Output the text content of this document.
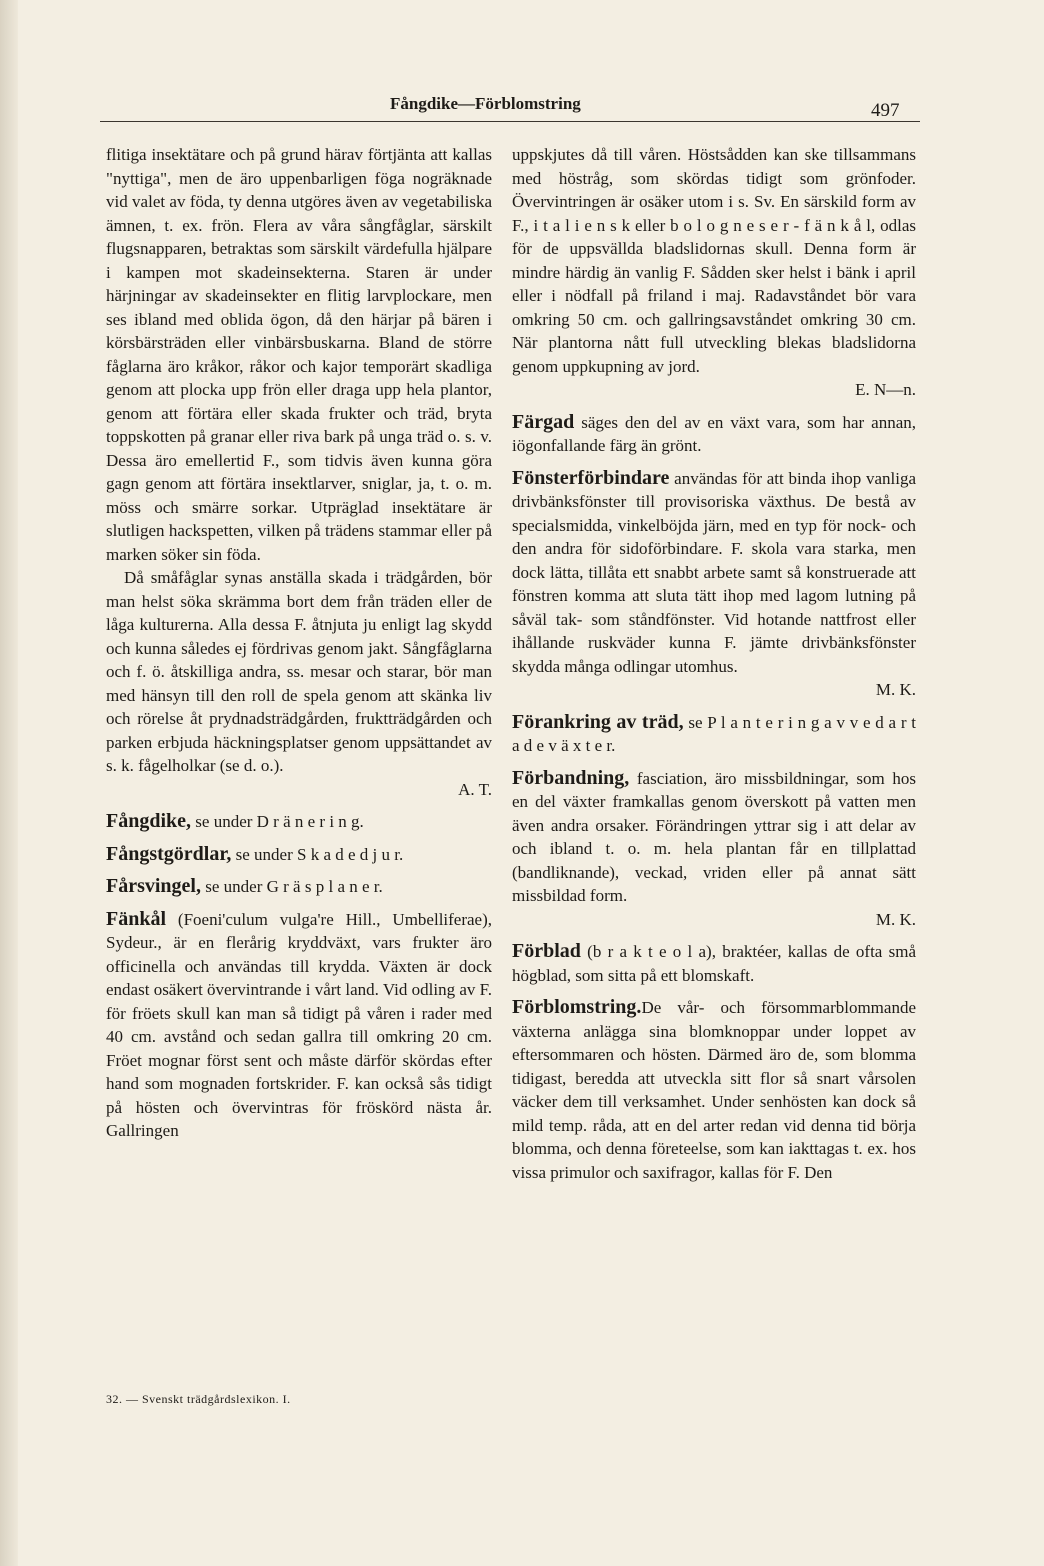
Fångdike—Förblomstring	497

flitiga insektätare och på grund härav förtjänta att kallas "nyttiga", men de äro uppenbarligen föga nogräknade vid valet av föda, ty denna utgöres även av vegetabiliska ämnen, t. ex. frön. Flera av våra sångfåglar, särskilt flugsnapparen, betraktas som särskilt värdefulla hjälpare i kampen mot skadeinsekterna. Staren är under härjningar av skadeinsekter en flitig larvplockare, men ses ibland med oblida ögon, då den härjar på bären i körsbärsträden eller vinbärsbuskarna. Bland de större fåglarna äro kråkor, råkor och kajor temporärt skadliga genom att plocka upp frön eller draga upp hela plantor, genom att förtära eller skada frukter och träd, bryta toppskotten på granar eller riva bark på unga träd o. s. v. Dessa äro emellertid F., som tidvis även kunna göra gagn genom att förtära insektlarver, sniglar, ja, t. o. m. möss och smärre sorkar. Utpräglad insektätare är slutligen hackspetten, vilken på trädens stammar eller på marken söker sin föda.

Då småfåglar synas anställa skada i trädgården, bör man helst söka skrämma bort dem från träden eller de låga kulturerna. Alla dessa F. åtnjuta ju enligt lag skydd och kunna således ej fördrivas genom jakt. Sångfåglarna och f. ö. åtskilliga andra, ss. mesar och starar, bör man med hänsyn till den roll de spela genom att skänka liv och rörelse åt prydnadsträdgården, fruktträdgården och parken erbjuda häckningsplatser genom uppsättandet av s. k. fågelholkar (se d. o.).
A. T.

Fångdike, se under D r ä n e r i n g.

Fångstgördlar, se under S k a d e d j u r.

Fårsvingel, se under G r ä s p l a n e r.

Fänkål (Foeni'culum vulga're Hill., Umbelliferae), Sydeur., är en flerårig kryddväxt, vars frukter äro officinella och användas till krydda. Växten är dock endast osäkert övervintrande i vårt land. Vid odling av F. för fröets skull kan man så tidigt på våren i rader med 40 cm. avstånd och sedan gallra till omkring 20 cm. Fröet mognar först sent och måste därför skördas efter hand som mognaden fortskrider. F. kan också sås tidigt på hösten och övervintras för fröskörd nästa år. Gallringen

uppskjutes då till våren. Höstsådden kan ske tillsammans med höstråg, som skördas tidigt som grönfoder. Övervintringen är osäker utom i s. Sv. En särskild form av F., i t a l i e n s k eller b o l o g n e s e r - f ä n k å l, odlas för de uppsvällda bladslidornas skull. Denna form är mindre härdig än vanlig F. Sådden sker helst i bänk i april eller i nödfall på friland i maj. Radavståndet bör vara omkring 50 cm. och gallringsavståndet omkring 30 cm. När plantorna nått full utveckling blekas bladslidorna genom uppkupning av jord.
E. N—n.

Färgad säges den del av en växt vara, som har annan, iögonfallande färg än grönt.

Fönsterförbindare användas för att binda ihop vanliga drivbänksfönster till provisoriska växthus. De bestå av specialsmidda, vinkelböjda järn, med en typ för nock- och den andra för sidoförbindare. F. skola vara starka, men dock lätta, tillåta ett snabbt arbete samt så konstruerade att fönstren komma att sluta tätt ihop med lagom lutning på såväl tak- som ståndfönster. Vid hotande nattfrost eller ihållande ruskväder kunna F. jämte drivbänksfönster skydda många odlingar utomhus.
M. K.

Förankring av träd, se P l a n t e r i n g a v v e d a r t a d e v ä x t e r.

Förbandning, fasciation, äro missbildningar, som hos en del växter framkallas genom överskott på vatten men även andra orsaker. Förändringen yttrar sig i att delar av och ibland t. o. m. hela plantan får en tillplattad (bandliknande), veckad, vriden eller på annat sätt missbildad form.
M. K.

Förblad (b r a k t e o l a), braktéer, kallas de ofta små högblad, som sitta på ett blomskaft.

Förblomstring.De vår- och försommarblommande växterna anlägga sina blomknoppar under loppet av eftersommaren och hösten. Därmed äro de, som blomma tidigast, beredda att utveckla sitt flor så snart vårsolen väcker dem till verksamhet. Under senhösten kan dock så mild temp. råda, att en del arter redan vid denna tid börja blomma, och denna företeelse, som kan iakttagas t. ex. hos vissa primulor och saxifragor, kallas för F. Den

32. — Svenskt trädgårdslexikon. I.
